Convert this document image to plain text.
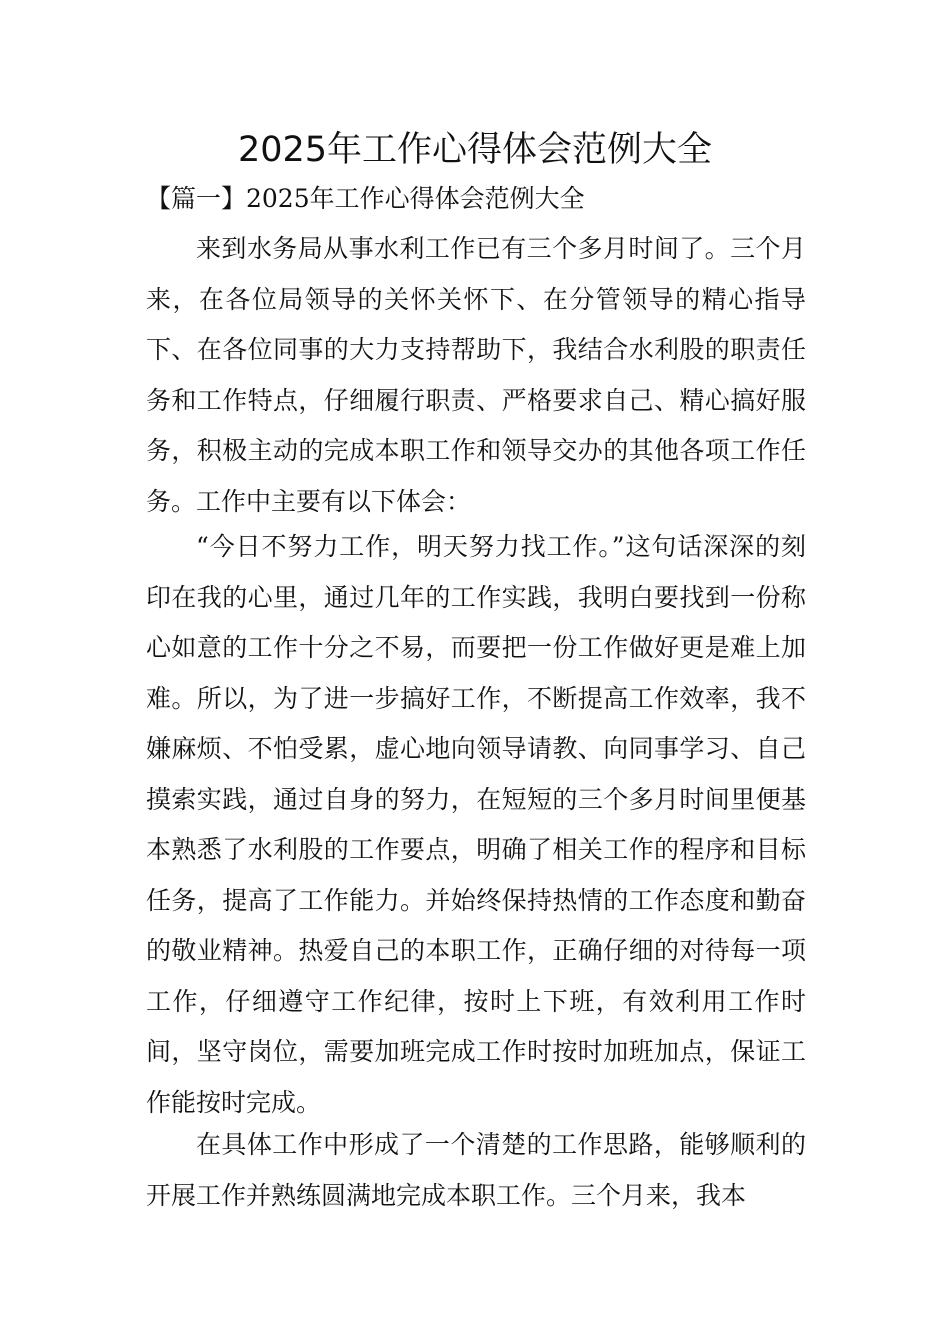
2025年工作心得体会范例大全

【篇一】2025年工作心得体会范例大全

来到水务局从事水利工作已有三个多月时间了。三个月来，在各位局领导的关怀关怀下、在分管领导的精心指导下、在各位同事的大力支持帮助下，我结合水利股的职责任务和工作特点，仔细履行职责、严格要求自己、精心搞好服务，积极主动的完成本职工作和领导交办的其他各项工作任务。工作中主要有以下体会：

“今日不努力工作，明天努力找工作。”这句话深深的刻印在我的心里，通过几年的工作实践，我明白要找到一份称心如意的工作十分之不易，而要把一份工作做好更是难上加难。所以，为了进一步搞好工作，不断提高工作效率，我不嫌麻烦、不怕受累，虚心地向领导请教、向同事学习、自己摸索实践，通过自身的努力，在短短的三个多月时间里便基本熟悉了水利股的工作要点，明确了相关工作的程序和目标任务，提高了工作能力。并始终保持热情的工作态度和勤奋的敬业精神。热爱自己的本职工作，正确仔细的对待每一项工作，仔细遵守工作纪律，按时上下班，有效利用工作时间，坚守岗位，需要加班完成工作时按时加班加点，保证工作能按时完成。

在具体工作中形成了一个清楚的工作思路，能够顺利的开展工作并熟练圆满地完成本职工作。三个月来，我本
